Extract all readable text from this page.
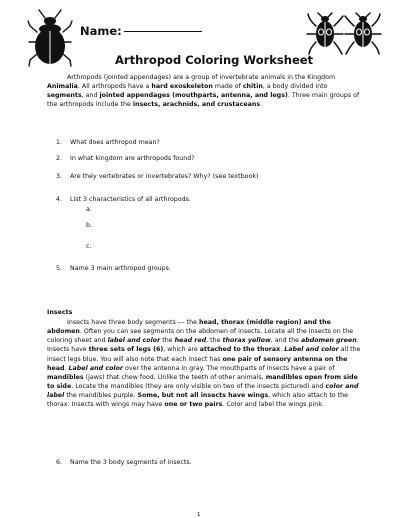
Name:
Arthropod Coloring Worksheet
Arthropods (jointed appendages) are a group of invertebrate animals in the Kingdom Animalia. All arthropods have a hard exoskeleton made of chitin, a body divided into segments, and jointed appendages (mouthparts, antenna, and legs). Three main groups of the arthropods include the insects, arachnids, and crustaceans.
1. What does arthropod mean?
2. In what kingdom are arthropods found?
3. Are they vertebrates or invertebrates? Why? (see textbook)
4. List 3 characteristics of all arthropods.
a.
b.
c.
5. Name 3 main arthropod groups.
Insects
Insects have three body segments --- the head, thorax (middle region) and the abdomen. Often you can see segments on the abdomen of insects. Locate all the insects on the coloring sheet and label and color the head red, the thorax yellow, and the abdomen green. Insects have three sets of legs (6), which are attached to the thorax. Label and color all the insect legs blue. You will also note that each insect has one pair of sensory antenna on the head. Label and color over the antenna in gray. The mouthparts of insects have a pair of mandibles (jaws) that chew food. Unlike the teeth of other animals, mandibles open from side to side. Locate the mandibles (they are only visible on two of the insects pictured) and color and label the mandibles purple. Some, but not all insects have wings, which also attach to the thorax. Insects with wings may have one or two pairs. Color and label the wings pink.
6. Name the 3 body segments of insects.
1
